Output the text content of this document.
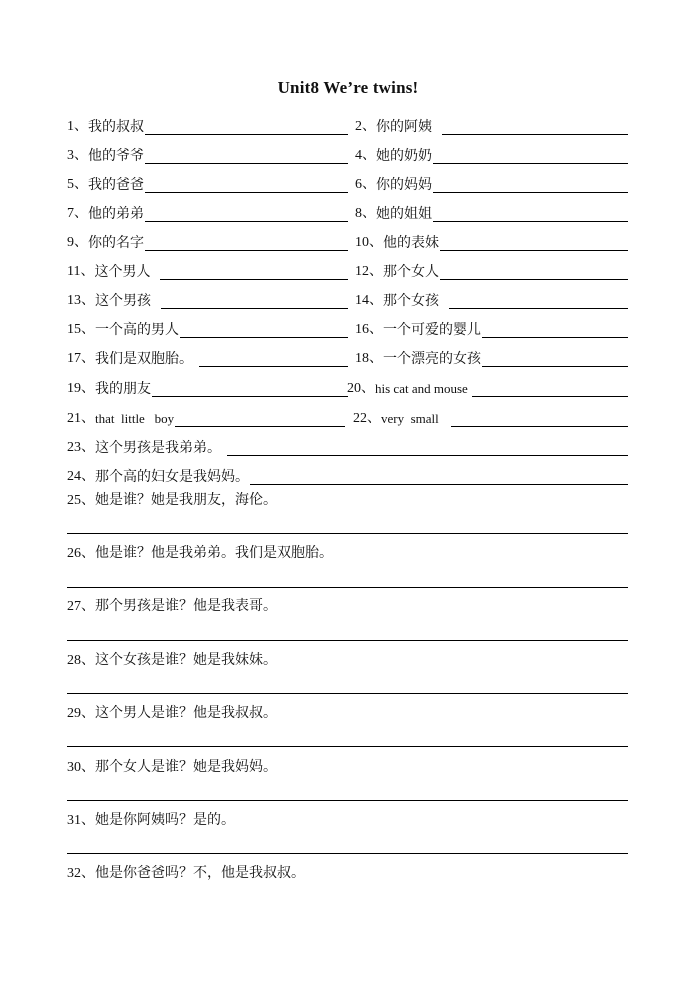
Unit8 We’re twins!
1 、 我的叔叔	2 、 你的阿姨
3 、 他的爷爷	4 、 她的奶奶
5 、 我的爸爸	6 、 你的妈妈
7 、 他的弟弟	8 、 她的姐姐
9 、 你的名字	10 、 他的表妹
11 、 这个男人	12 、 那个女人
13 、 这个男孩	14 、 那个女孩
15 、 一个高的男人	16 、 一个可爱的婴儿
17 、 我们是双胞胎。	18 、 一个漂亮的女孩
19 、 我的朋友	20 、 his cat and mouse
21 、 that  little   boy	22 、 very  small
23 、 这个男孩是我弟弟。
24 、 那个高的妇女是我妈妈。
25、她是谁？她是我朋友，海伦。
26、他是谁？他是我弟弟。我们是双胞胎。
27、那个男孩是谁？他是我表哥。
28、这个女孩是谁？她是我妹妹。
29、这个男人是谁？他是我叔叔。
30、那个女人是谁？她是我妈妈。
31、她是你阿姨吗？是的。
32、他是你爸爸吗？不，他是我叔叔。
